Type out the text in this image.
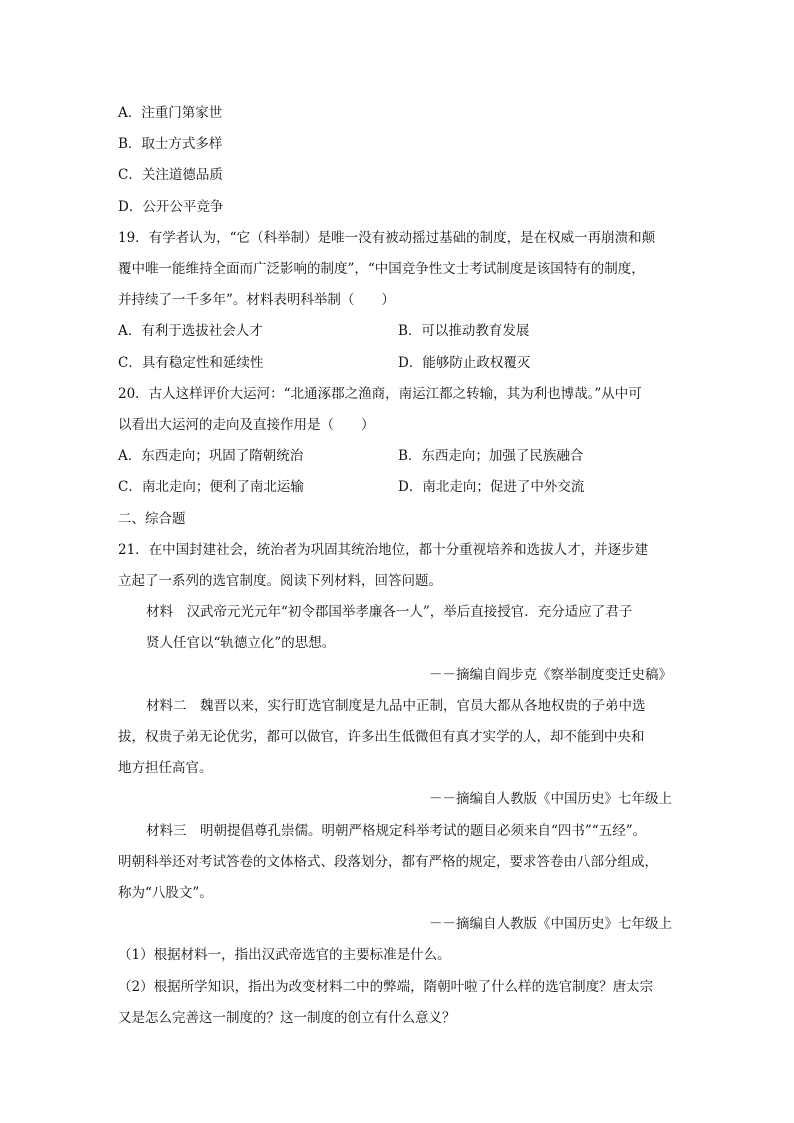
A．注重门第家世
B．取士方式多样
C．关注道德品质
D．公开公平竞争
19．有学者认为，“它（科举制）是唯一没有被动摇过基础的制度，是在权威一再崩溃和颠
覆中唯一能维持全面而广泛影响的制度”，“中国竞争性文士考试制度是该国特有的制度，
并持续了一千多年”。材料表明科举制（　　）
A．有利于选拔社会人才	B．可以推动教育发展
C．具有稳定性和延续性	D．能够防止政权覆灭
20．古人这样评价大运河：“北通涿郡之渔商，南运江都之转输，其为利也博哉。”从中可
以看出大运河的走向及直接作用是（　　）
A．东西走向；巩固了隋朝统治	B．东西走向；加强了民族融合
C．南北走向；便利了南北运输	D．南北走向；促进了中外交流
二、综合题
21．在中国封建社会，统治者为巩固其统治地位，都十分重视培养和选拔人才，并逐步建
立起了一系列的选官制度。阅读下列材料，回答问题。
材料　汉武帝元光元年“初令郡国举孝廉各一人”，举后直接授官．充分适应了君子
贤人任官以“轨德立化”的思想。
－－摘编自阎步克《察举制度变迁史稿》
材料二　魏晋以来，实行盯选官制度是九品中正制，官员大都从各地权贵的子弟中选
拔，权贵子弟无论优劣，都可以做官，许多出生低微但有真才实学的人，却不能到中央和
地方担任高官。
－－摘编自人教版《中国历史》七年级上
材料三　明朝提倡尊孔崇儒。明朝严格规定科举考试的题目必须来自“四书”“五经”。
明朝科举还对考试答卷的文体格式、段落划分，都有严格的规定，要求答卷由八部分组成，
称为“八股文”。
－－摘编自人教版《中国历史》七年级上
（1）根据材料一，指出汉武帝选官的主要标准是什么。
（2）根据所学知识，指出为改变材料二中的弊端，隋朝叶啦了什么样的选官制度？唐太宗
又是怎么完善这一制度的？这一制度的创立有什么意义？
